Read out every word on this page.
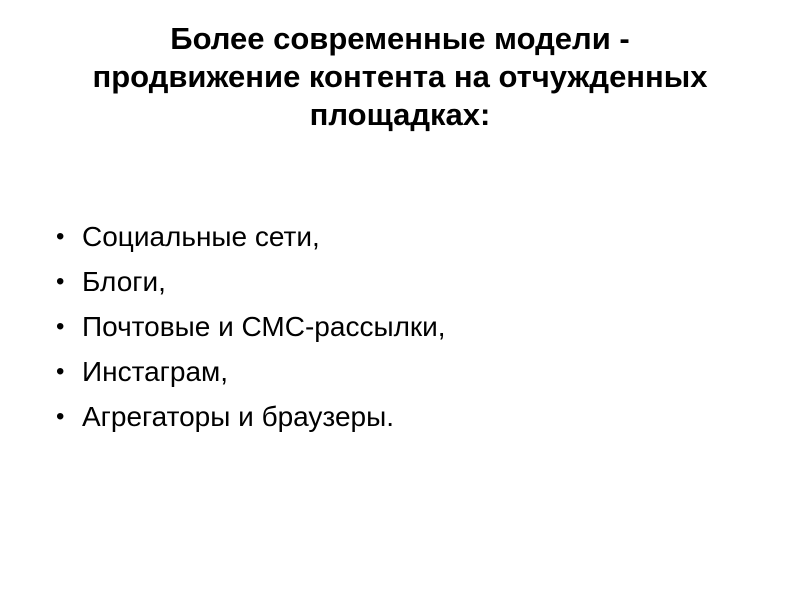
Более современные модели -
продвижение контента на отчужденных
площадках:
• Социальные сети,
• Блоги,
• Почтовые и СМС-рассылки,
• Инстаграм,
• Агрегаторы и браузеры.
